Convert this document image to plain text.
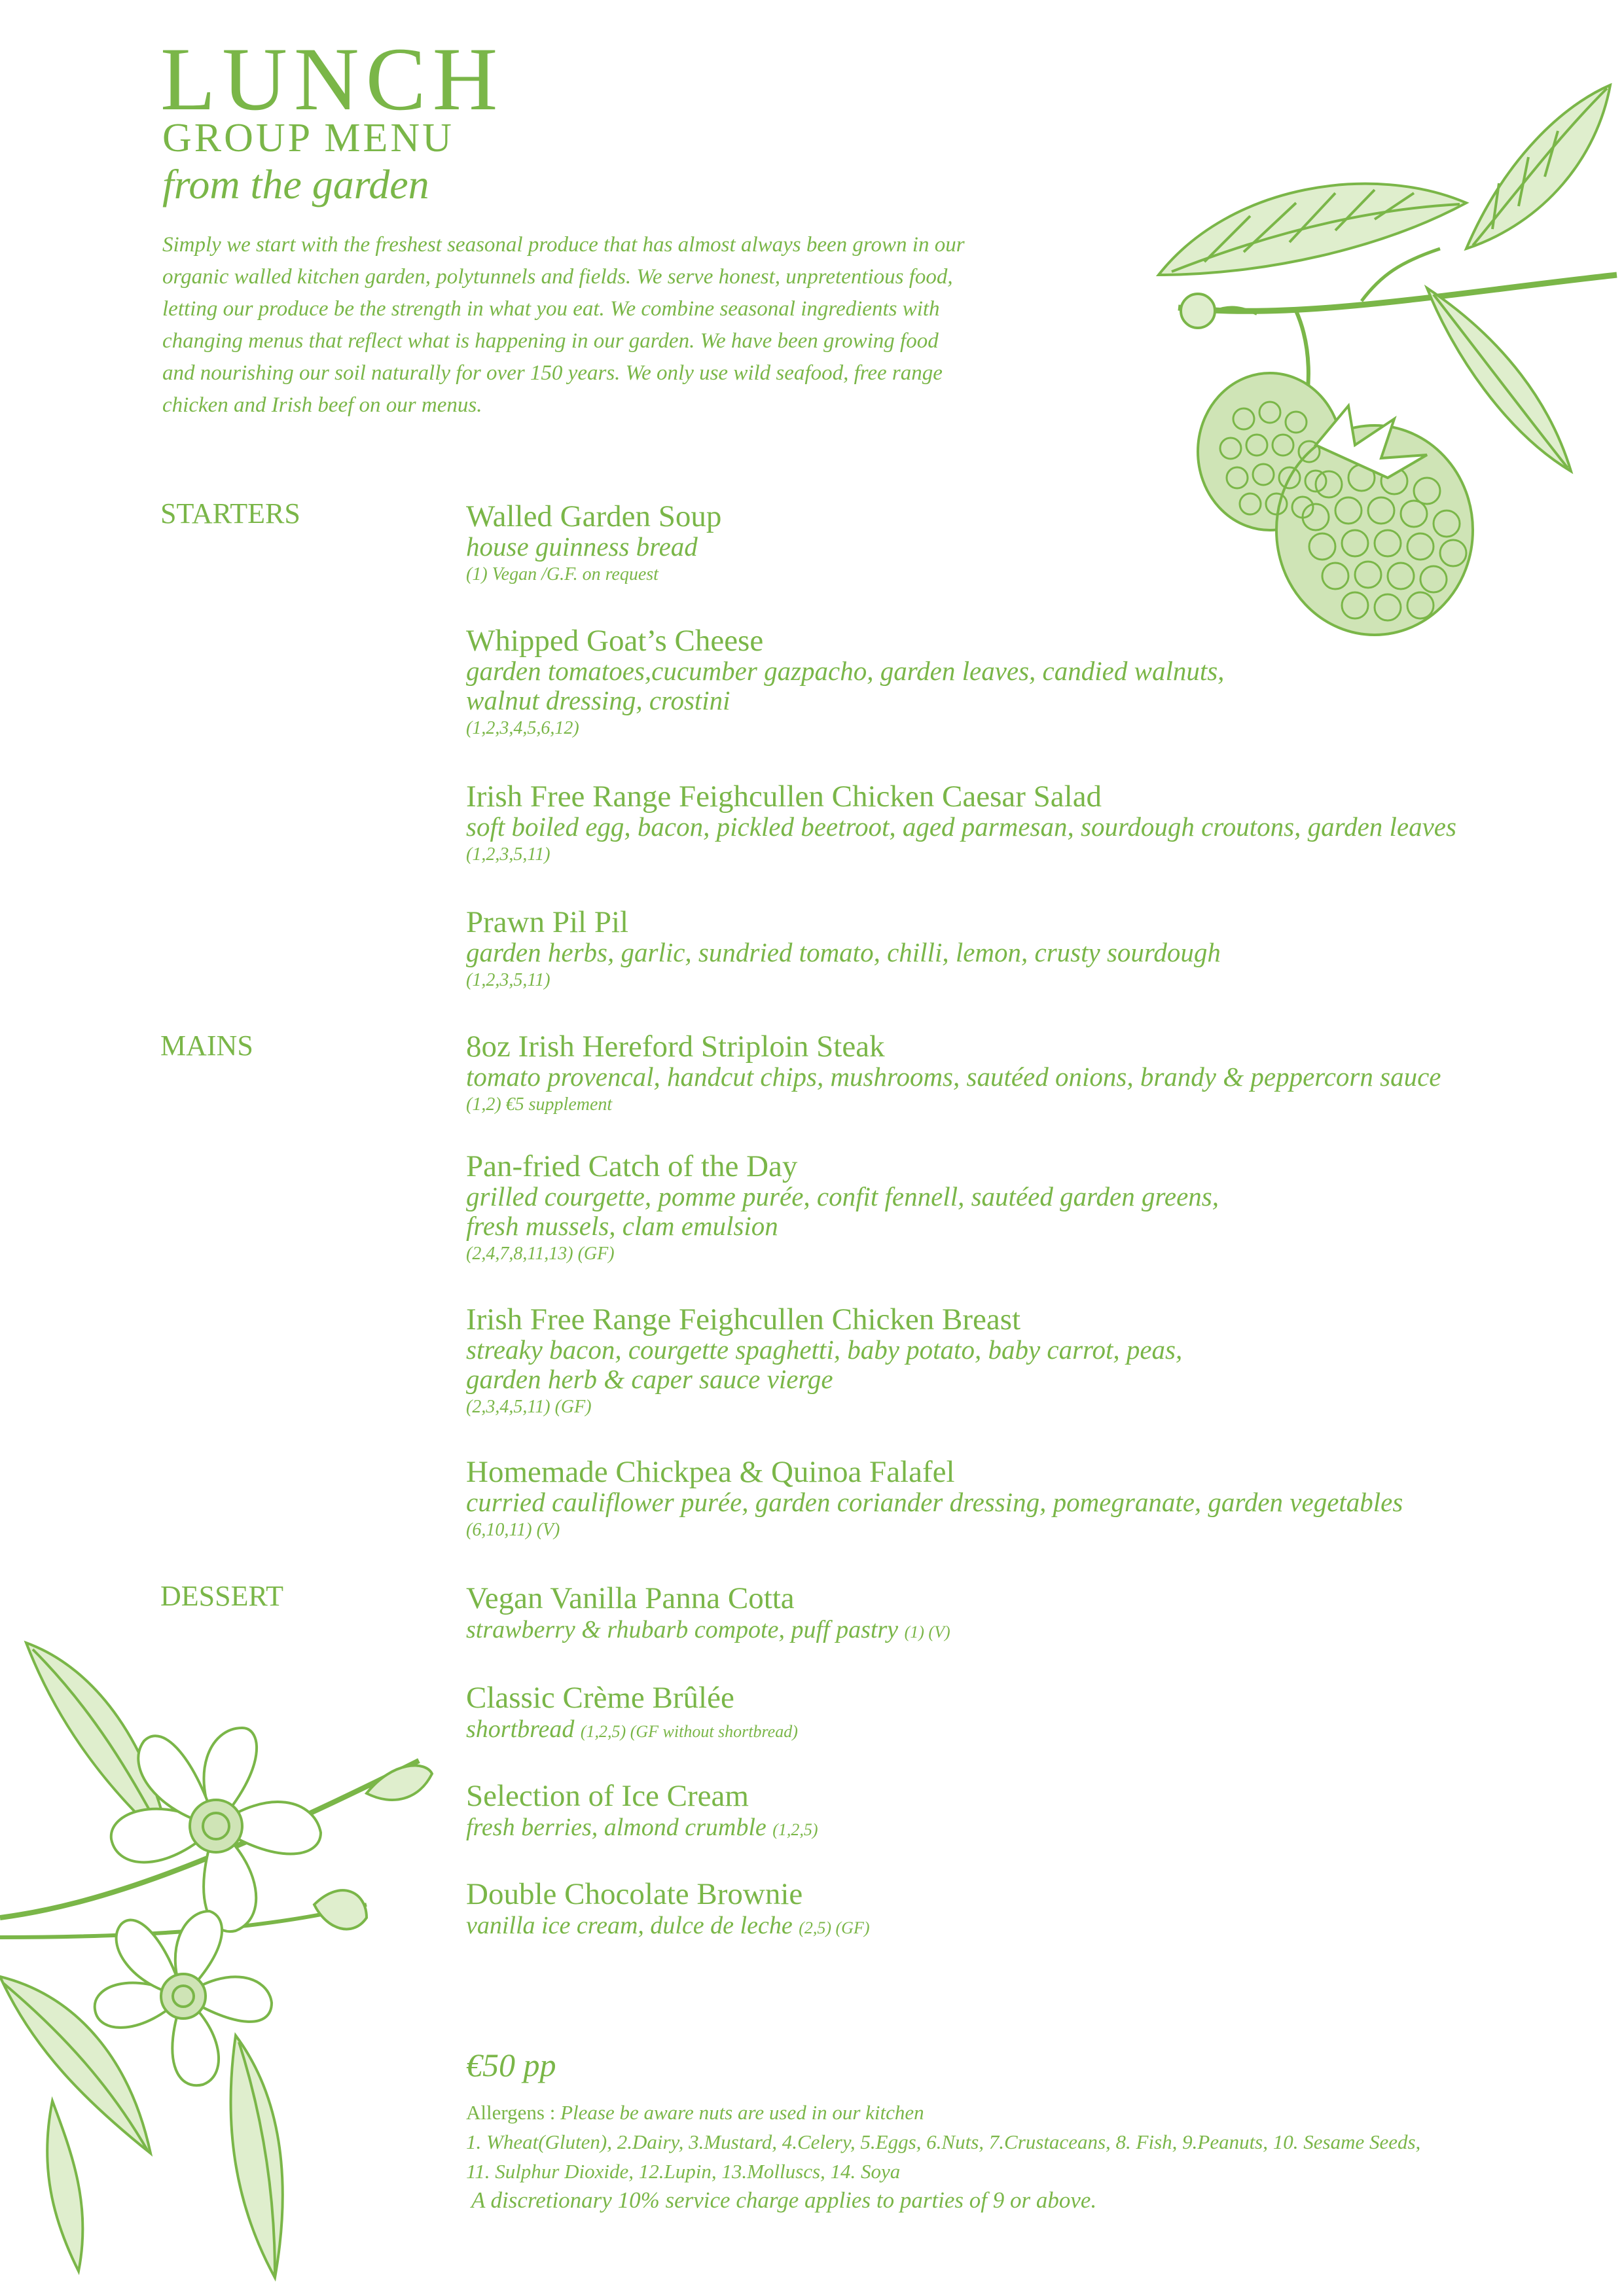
LUNCH
GROUP MENU
from the garden
Simply we start with the freshest seasonal produce that has almost always been grown in our
organic walled kitchen garden, polytunnels and fields. We serve honest, unpretentious food,
letting our produce be the strength in what you eat. We combine seasonal ingredients with
changing menus that reflect what is happening in our garden. We have been growing food
and nourishing our soil naturally for over 150 years. We only use wild seafood, free range
chicken and Irish beef on our menus.
STARTERS
MAINS
DESSERT
Walled Garden Soup
house guinness bread
(1) Vegan /G.F. on request
Whipped Goat’s Cheese
garden tomatoes,cucumber gazpacho, garden leaves, candied walnuts,
walnut dressing, crostini
(1,2,3,4,5,6,12)
Irish Free Range Feighcullen Chicken Caesar Salad
soft boiled egg, bacon, pickled beetroot, aged parmesan, sourdough croutons, garden leaves
(1,2,3,5,11)
Prawn Pil Pil
garden herbs, garlic, sundried tomato, chilli, lemon, crusty sourdough
(1,2,3,5,11)
8oz Irish Hereford Striploin Steak
tomato provencal, handcut chips, mushrooms, sautéed onions, brandy & peppercorn sauce
(1,2) €5 supplement
Pan-fried Catch of the Day
grilled courgette, pomme purée, confit fennell, sautéed garden greens,
fresh mussels, clam emulsion
(2,4,7,8,11,13) (GF)
Irish Free Range Feighcullen Chicken Breast
streaky bacon, courgette spaghetti, baby potato, baby carrot, peas,
garden herb & caper sauce vierge
(2,3,4,5,11) (GF)
Homemade Chickpea & Quinoa Falafel
curried cauliflower purée, garden coriander dressing, pomegranate, garden vegetables
(6,10,11) (V)
Vegan Vanilla Panna Cotta
strawberry & rhubarb compote, puff pastry (1) (V)
Classic Crème Brûlée
shortbread (1,2,5) (GF without shortbread)
Selection of Ice Cream
fresh berries, almond crumble (1,2,5)
Double Chocolate Brownie
vanilla ice cream, dulce de leche (2,5) (GF)
€50 pp
Allergens : Please be aware nuts are used in our kitchen
1. Wheat(Gluten), 2.Dairy, 3.Mustard, 4.Celery, 5.Eggs, 6.Nuts, 7.Crustaceans, 8. Fish, 9.Peanuts, 10. Sesame Seeds,
11. Sulphur Dioxide, 12.Lupin, 13.Molluscs, 14. Soya
A discretionary 10% service charge applies to parties of 9 or above.
